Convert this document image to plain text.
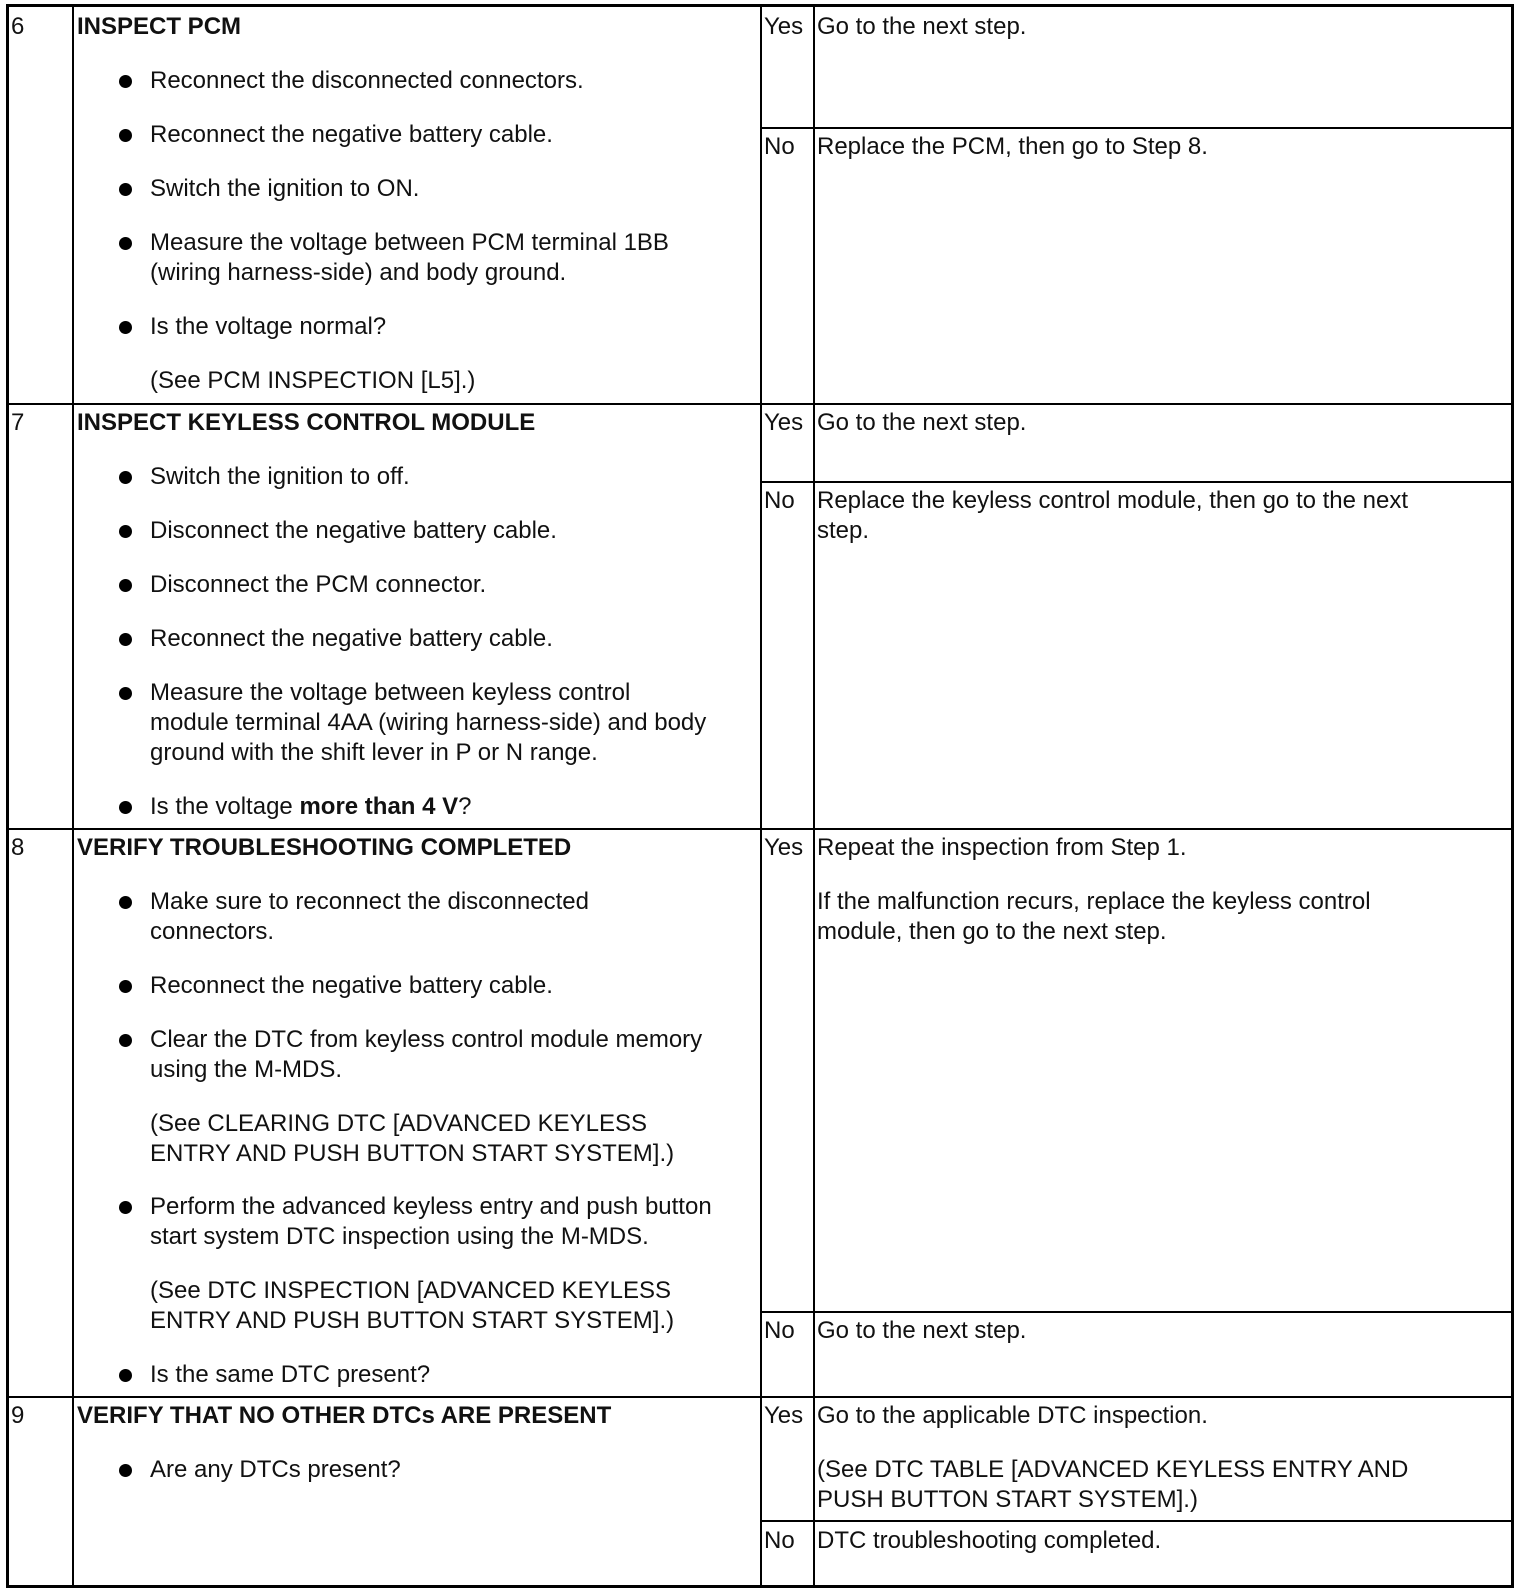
6 INSPECT PCM
Reconnect the disconnected connectors.
Reconnect the negative battery cable.
Switch the ignition to ON.
Measure the voltage between PCM terminal 1BB
(wiring harness-side) and body ground.
Is the voltage normal?
(See PCM INSPECTION [L5].)
Yes Go to the next step.
No Replace the PCM, then go to Step 8.
7 INSPECT KEYLESS CONTROL MODULE
Switch the ignition to off.
Disconnect the negative battery cable.
Disconnect the PCM connector.
Reconnect the negative battery cable.
Measure the voltage between keyless control
module terminal 4AA (wiring harness-side) and body
ground with the shift lever in P or N range.
Is the voltage more than 4 V?
Yes Go to the next step.
No Replace the keyless control module, then go to the next
step.
8 VERIFY TROUBLESHOOTING COMPLETED
Make sure to reconnect the disconnected
connectors.
Reconnect the negative battery cable.
Clear the DTC from keyless control module memory
using the M-MDS.
(See CLEARING DTC [ADVANCED KEYLESS
ENTRY AND PUSH BUTTON START SYSTEM].)
Perform the advanced keyless entry and push button
start system DTC inspection using the M-MDS.
(See DTC INSPECTION [ADVANCED KEYLESS
ENTRY AND PUSH BUTTON START SYSTEM].)
Is the same DTC present?
Yes Repeat the inspection from Step 1.
If the malfunction recurs, replace the keyless control
module, then go to the next step.
No Go to the next step.
9 VERIFY THAT NO OTHER DTCs ARE PRESENT
Are any DTCs present?
Yes Go to the applicable DTC inspection.
(See DTC TABLE [ADVANCED KEYLESS ENTRY AND
PUSH BUTTON START SYSTEM].)
No DTC troubleshooting completed.
